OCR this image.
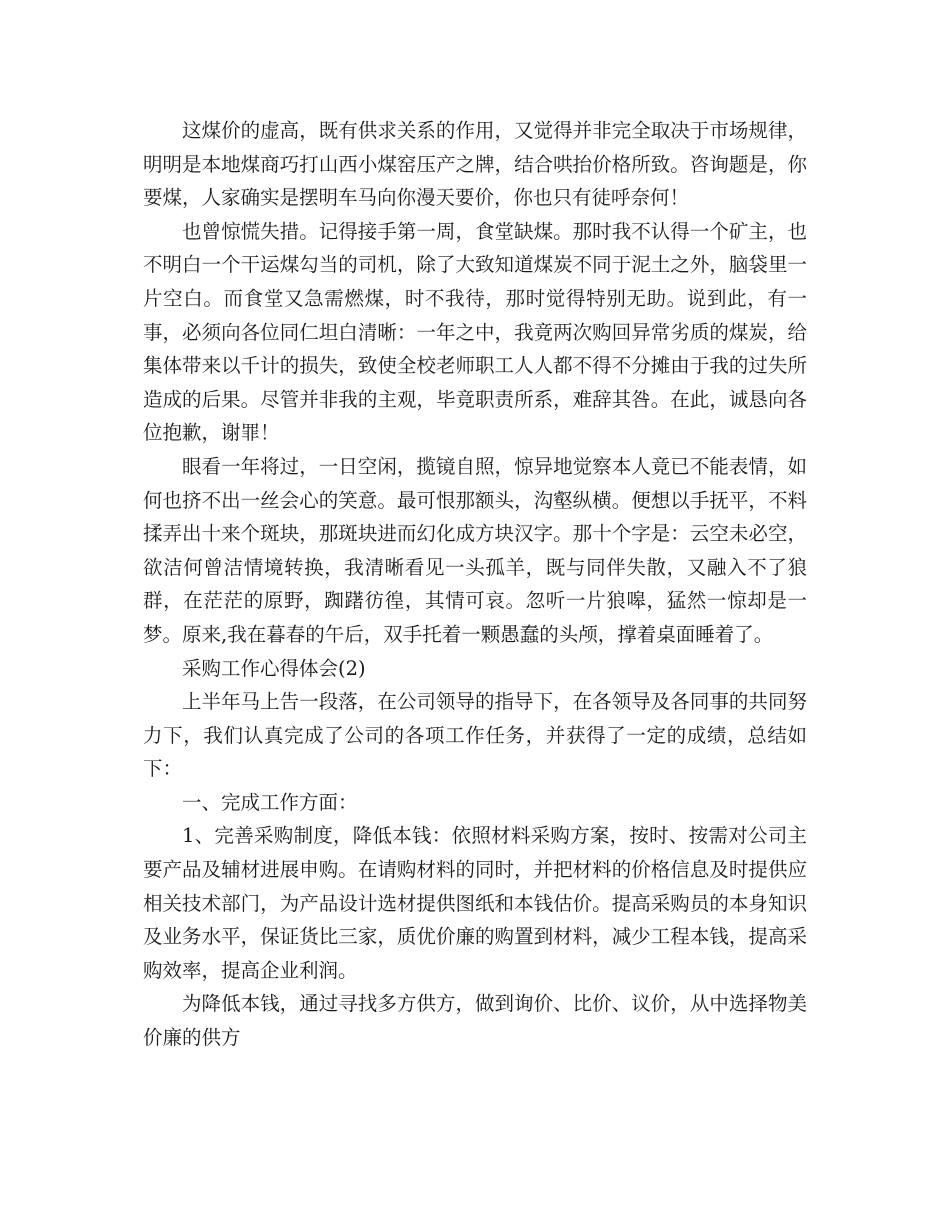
这煤价的虚高，既有供求关系的作用，又觉得并非完全取决于市场规律，明明是本地煤商巧打山西小煤窑压产之牌，结合哄抬价格所致。咨询题是，你要煤，人家确实是摆明车马向你漫天要价，你也只有徒呼奈何！

也曾惊慌失措。记得接手第一周，食堂缺煤。那时我不认得一个矿主，也不明白一个干运煤勾当的司机，除了大致知道煤炭不同于泥土之外，脑袋里一片空白。而食堂又急需燃煤，时不我待，那时觉得特别无助。说到此，有一事，必须向各位同仁坦白清晰：一年之中，我竟两次购回异常劣质的煤炭，给集体带来以千计的损失，致使全校老师职工人人都不得不分摊由于我的过失所造成的后果。尽管并非我的主观，毕竟职责所系，难辞其咎。在此，诚恳向各位抱歉，谢罪！

眼看一年将过，一日空闲，揽镜自照，惊异地觉察本人竟已不能表情，如何也挤不出一丝会心的笑意。最可恨那额头，沟壑纵横。便想以手抚平，不料揉弄出十来个斑块，那斑块进而幻化成方块汉字。那十个字是：云空未必空，欲洁何曾洁情境转换，我清晰看见一头孤羊，既与同伴失散，又融入不了狼群，在茫茫的原野，踟躇彷徨，其情可哀。忽听一片狼嗥，猛然一惊却是一梦。原来,我在暮春的午后，双手托着一颗愚蠢的头颅，撑着桌面睡着了。

采购工作心得体会(2)

上半年马上告一段落，在公司领导的指导下，在各领导及各同事的共同努力下，我们认真完成了公司的各项工作任务，并获得了一定的成绩，总结如下：

一、完成工作方面：

1、完善采购制度，降低本钱：依照材料采购方案，按时、按需对公司主要产品及辅材进展申购。在请购材料的同时，并把材料的价格信息及时提供应相关技术部门，为产品设计选材提供图纸和本钱估价。提高采购员的本身知识及业务水平，保证货比三家，质优价廉的购置到材料，减少工程本钱，提高采购效率，提高企业利润。

为降低本钱，通过寻找多方供方，做到询价、比价、议价，从中选择物美价廉的供方
